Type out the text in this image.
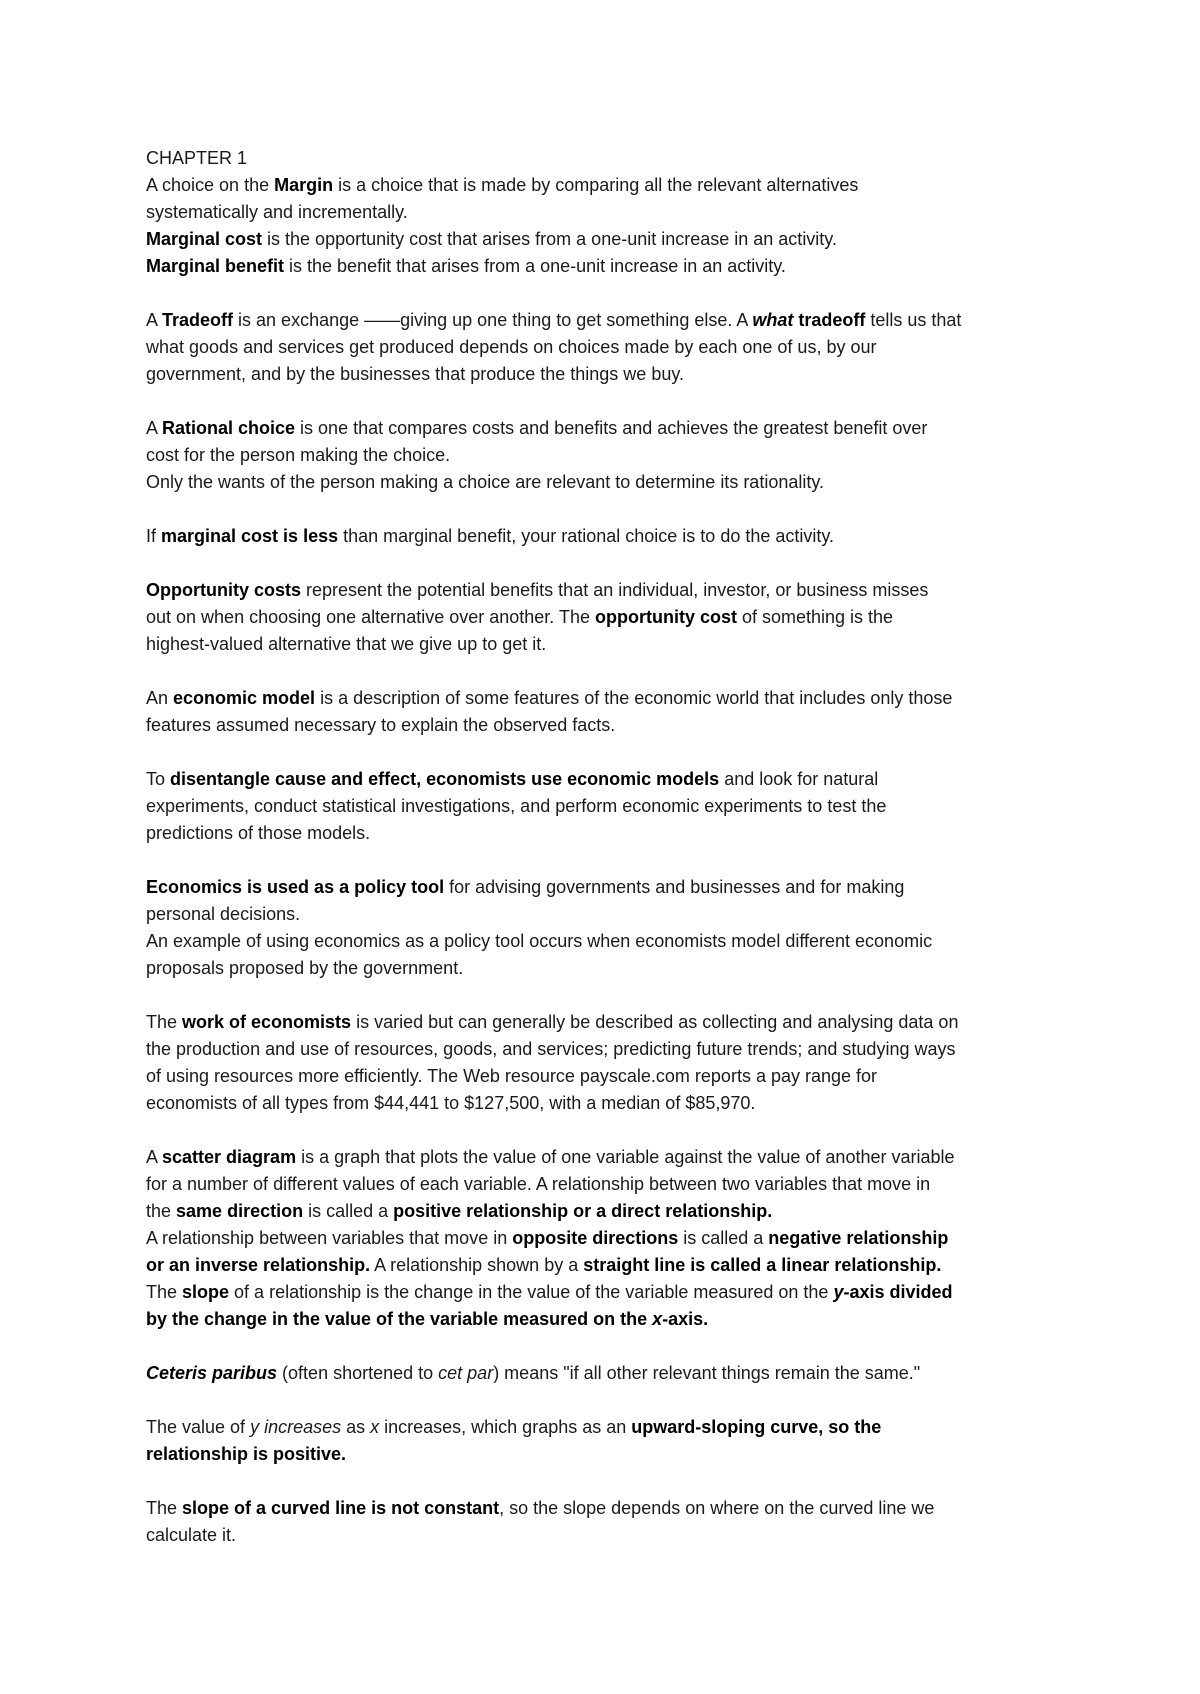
CHAPTER 1
A choice on the Margin is a choice that is made by comparing all the relevant alternatives
systematically and incrementally.
Marginal cost is the opportunity cost that arises from a one-unit increase in an activity.
Marginal benefit is the benefit that arises from a one-unit increase in an activity.
A Tradeoff is an exchange ——giving up one thing to get something else. A what tradeoff tells us that
what goods and services get produced depends on choices made by each one of us, by our
government, and by the businesses that produce the things we buy.
A Rational choice is one that compares costs and benefits and achieves the greatest benefit over
cost for the person making the choice.
Only the wants of the person making a choice are relevant to determine its rationality.
If marginal cost is less than marginal benefit, your rational choice is to do the activity.
Opportunity costs represent the potential benefits that an individual, investor, or business misses
out on when choosing one alternative over another. The opportunity cost of something is the
highest-valued alternative that we give up to get it.
An economic model is a description of some features of the economic world that includes only those
features assumed necessary to explain the observed facts.
To disentangle cause and effect, economists use economic models and look for natural
experiments, conduct statistical investigations, and perform economic experiments to test the
predictions of those models.
Economics is used as a policy tool for advising governments and businesses and for making
personal decisions.
An example of using economics as a policy tool occurs when economists model different economic
proposals proposed by the government.
The work of economists is varied but can generally be described as collecting and analysing data on
the production and use of resources, goods, and services; predicting future trends; and studying ways
of using resources more efficiently. The Web resource payscale.com reports a pay range for
economists of all types from $44,441 to $127,500, with a median of $85,970.
A scatter diagram is a graph that plots the value of one variable against the value of another variable
for a number of different values of each variable. A relationship between two variables that move in
the same direction is called a positive relationship or a direct relationship.
A relationship between variables that move in opposite directions is called a negative relationship
or an inverse relationship. A relationship shown by a straight line is called a linear relationship.
The slope of a relationship is the change in the value of the variable measured on the y-axis divided
by the change in the value of the variable measured on the x-axis.
Ceteris paribus (often shortened to cet par) means "if all other relevant things remain the same."
The value of y increases as x increases, which graphs as an upward-sloping curve, so the
relationship is positive.
The slope of a curved line is not constant, so the slope depends on where on the curved line we
calculate it.
